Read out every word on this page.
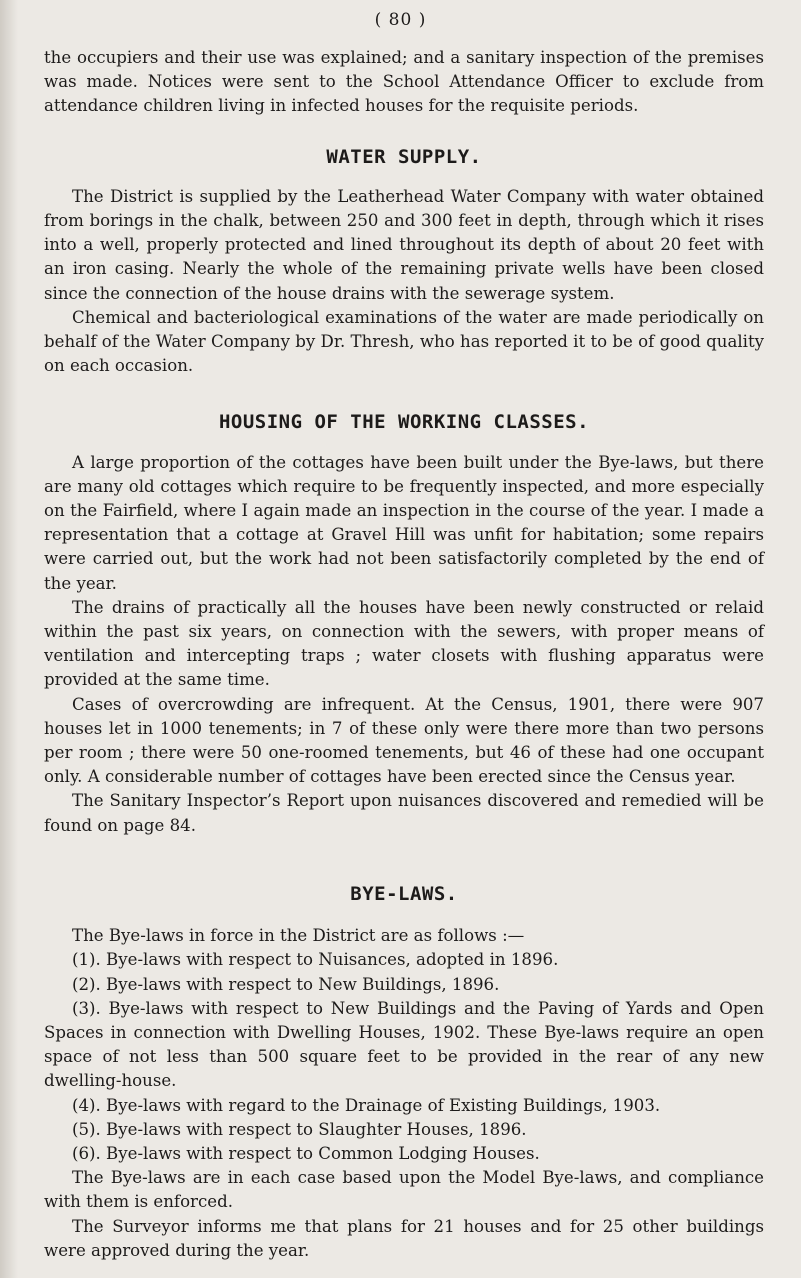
( 80 )

the occupiers and their use was explained; and a sanitary inspection of the premises was made. Notices were sent to the School Attendance Officer to exclude from attendance children living in infected houses for the requisite periods.

WATER SUPPLY.

The District is supplied by the Leatherhead Water Company with water obtained from borings in the chalk, between 250 and 300 feet in depth, through which it rises into a well, properly protected and lined throughout its depth of about 20 feet with an iron casing. Nearly the whole of the remaining private wells have been closed since the connection of the house drains with the sewerage system.

Chemical and bacteriological examinations of the water are made periodically on behalf of the Water Company by Dr. Thresh, who has reported it to be of good quality on each occasion.

HOUSING OF THE WORKING CLASSES.

A large proportion of the cottages have been built under the Bye-laws, but there are many old cottages which require to be frequently inspected, and more especially on the Fairfield, where I again made an inspection in the course of the year. I made a representation that a cottage at Gravel Hill was unfit for habitation; some repairs were carried out, but the work had not been satisfactorily completed by the end of the year.

The drains of practically all the houses have been newly constructed or relaid within the past six years, on connection with the sewers, with proper means of ventilation and intercepting traps ; water closets with flushing apparatus were provided at the same time.

Cases of overcrowding are infrequent. At the Census, 1901, there were 907 houses let in 1000 tenements; in 7 of these only were there more than two persons per room ; there were 50 one-roomed tenements, but 46 of these had one occupant only. A considerable number of cottages have been erected since the Census year.

The Sanitary Inspector’s Report upon nuisances discovered and remedied will be found on page 84.

BYE-LAWS.

The Bye-laws in force in the District are as follows :—

(1). Bye-laws with respect to Nuisances, adopted in 1896.

(2). Bye-laws with respect to New Buildings, 1896.

(3). Bye-laws with respect to New Buildings and the Paving of Yards and Open Spaces in connection with Dwelling Houses, 1902. These Bye-laws require an open space of not less than 500 square feet to be provided in the rear of any new dwelling-house.

(4). Bye-laws with regard to the Drainage of Existing Buildings, 1903.

(5). Bye-laws with respect to Slaughter Houses, 1896.

(6). Bye-laws with respect to Common Lodging Houses.

The Bye-laws are in each case based upon the Model Bye-laws, and compliance with them is enforced.

The Surveyor informs me that plans for 21 houses and for 25 other buildings were approved during the year.
